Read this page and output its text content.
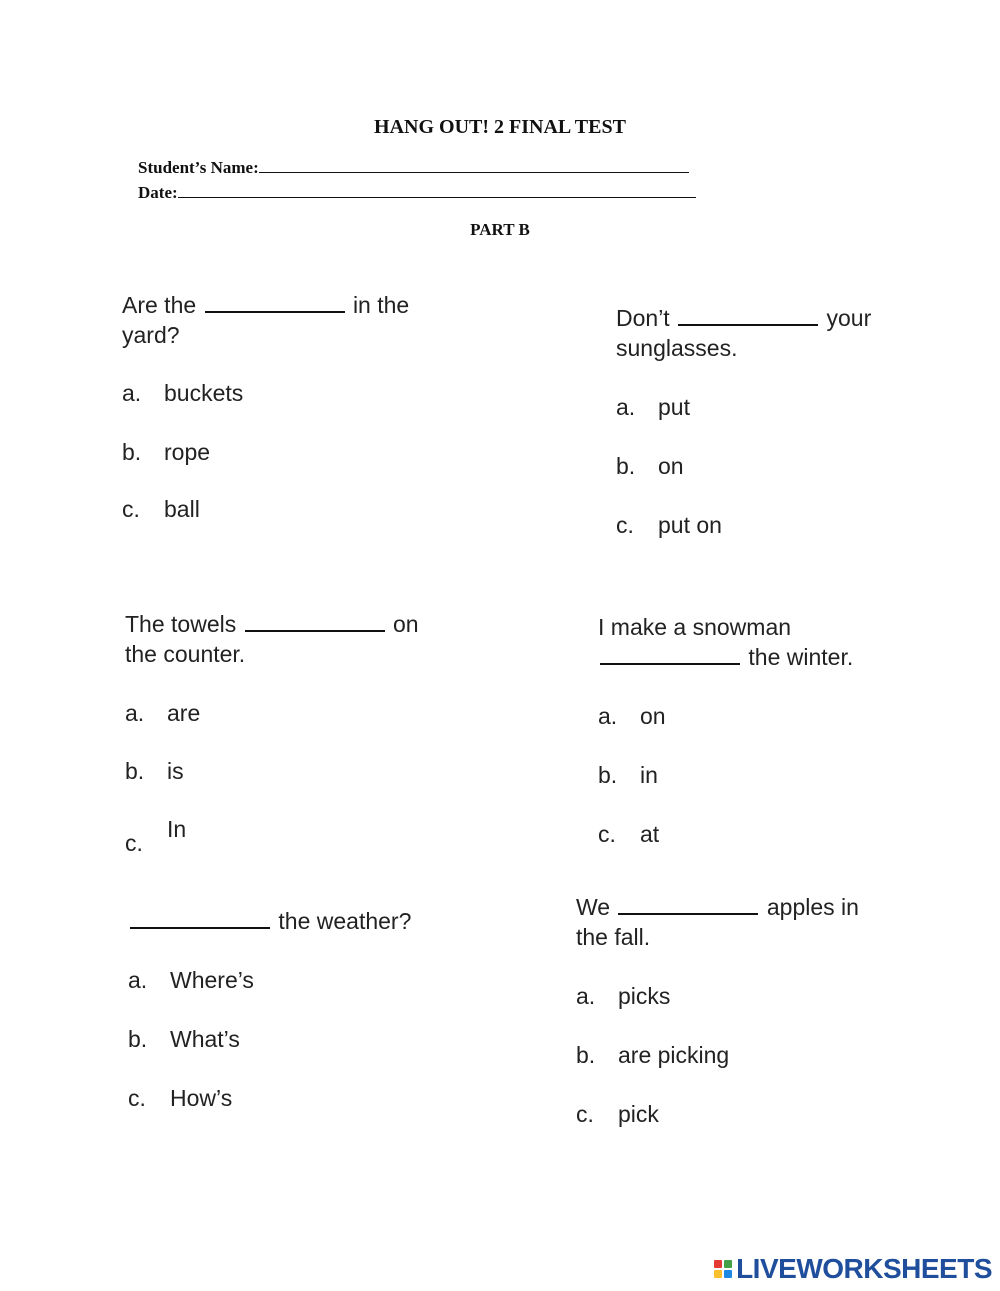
HANG OUT! 2 FINAL TEST
Student’s Name:
Date:
PART B
Are the	in the yard?
a. buckets
b. rope
c. ball
Don’t	your sunglasses.
a. put
b. on
c. put on
The towels	on the counter.
a. are
b. is
c.
In
I make a snowman  the winter.
a. on
b. in
c. at
the weather?
a. Where’s
b. What’s
c. How’s
We	apples in the fall.
a. picks
b. are picking
c. pick
LIVEWORKSHEETS
